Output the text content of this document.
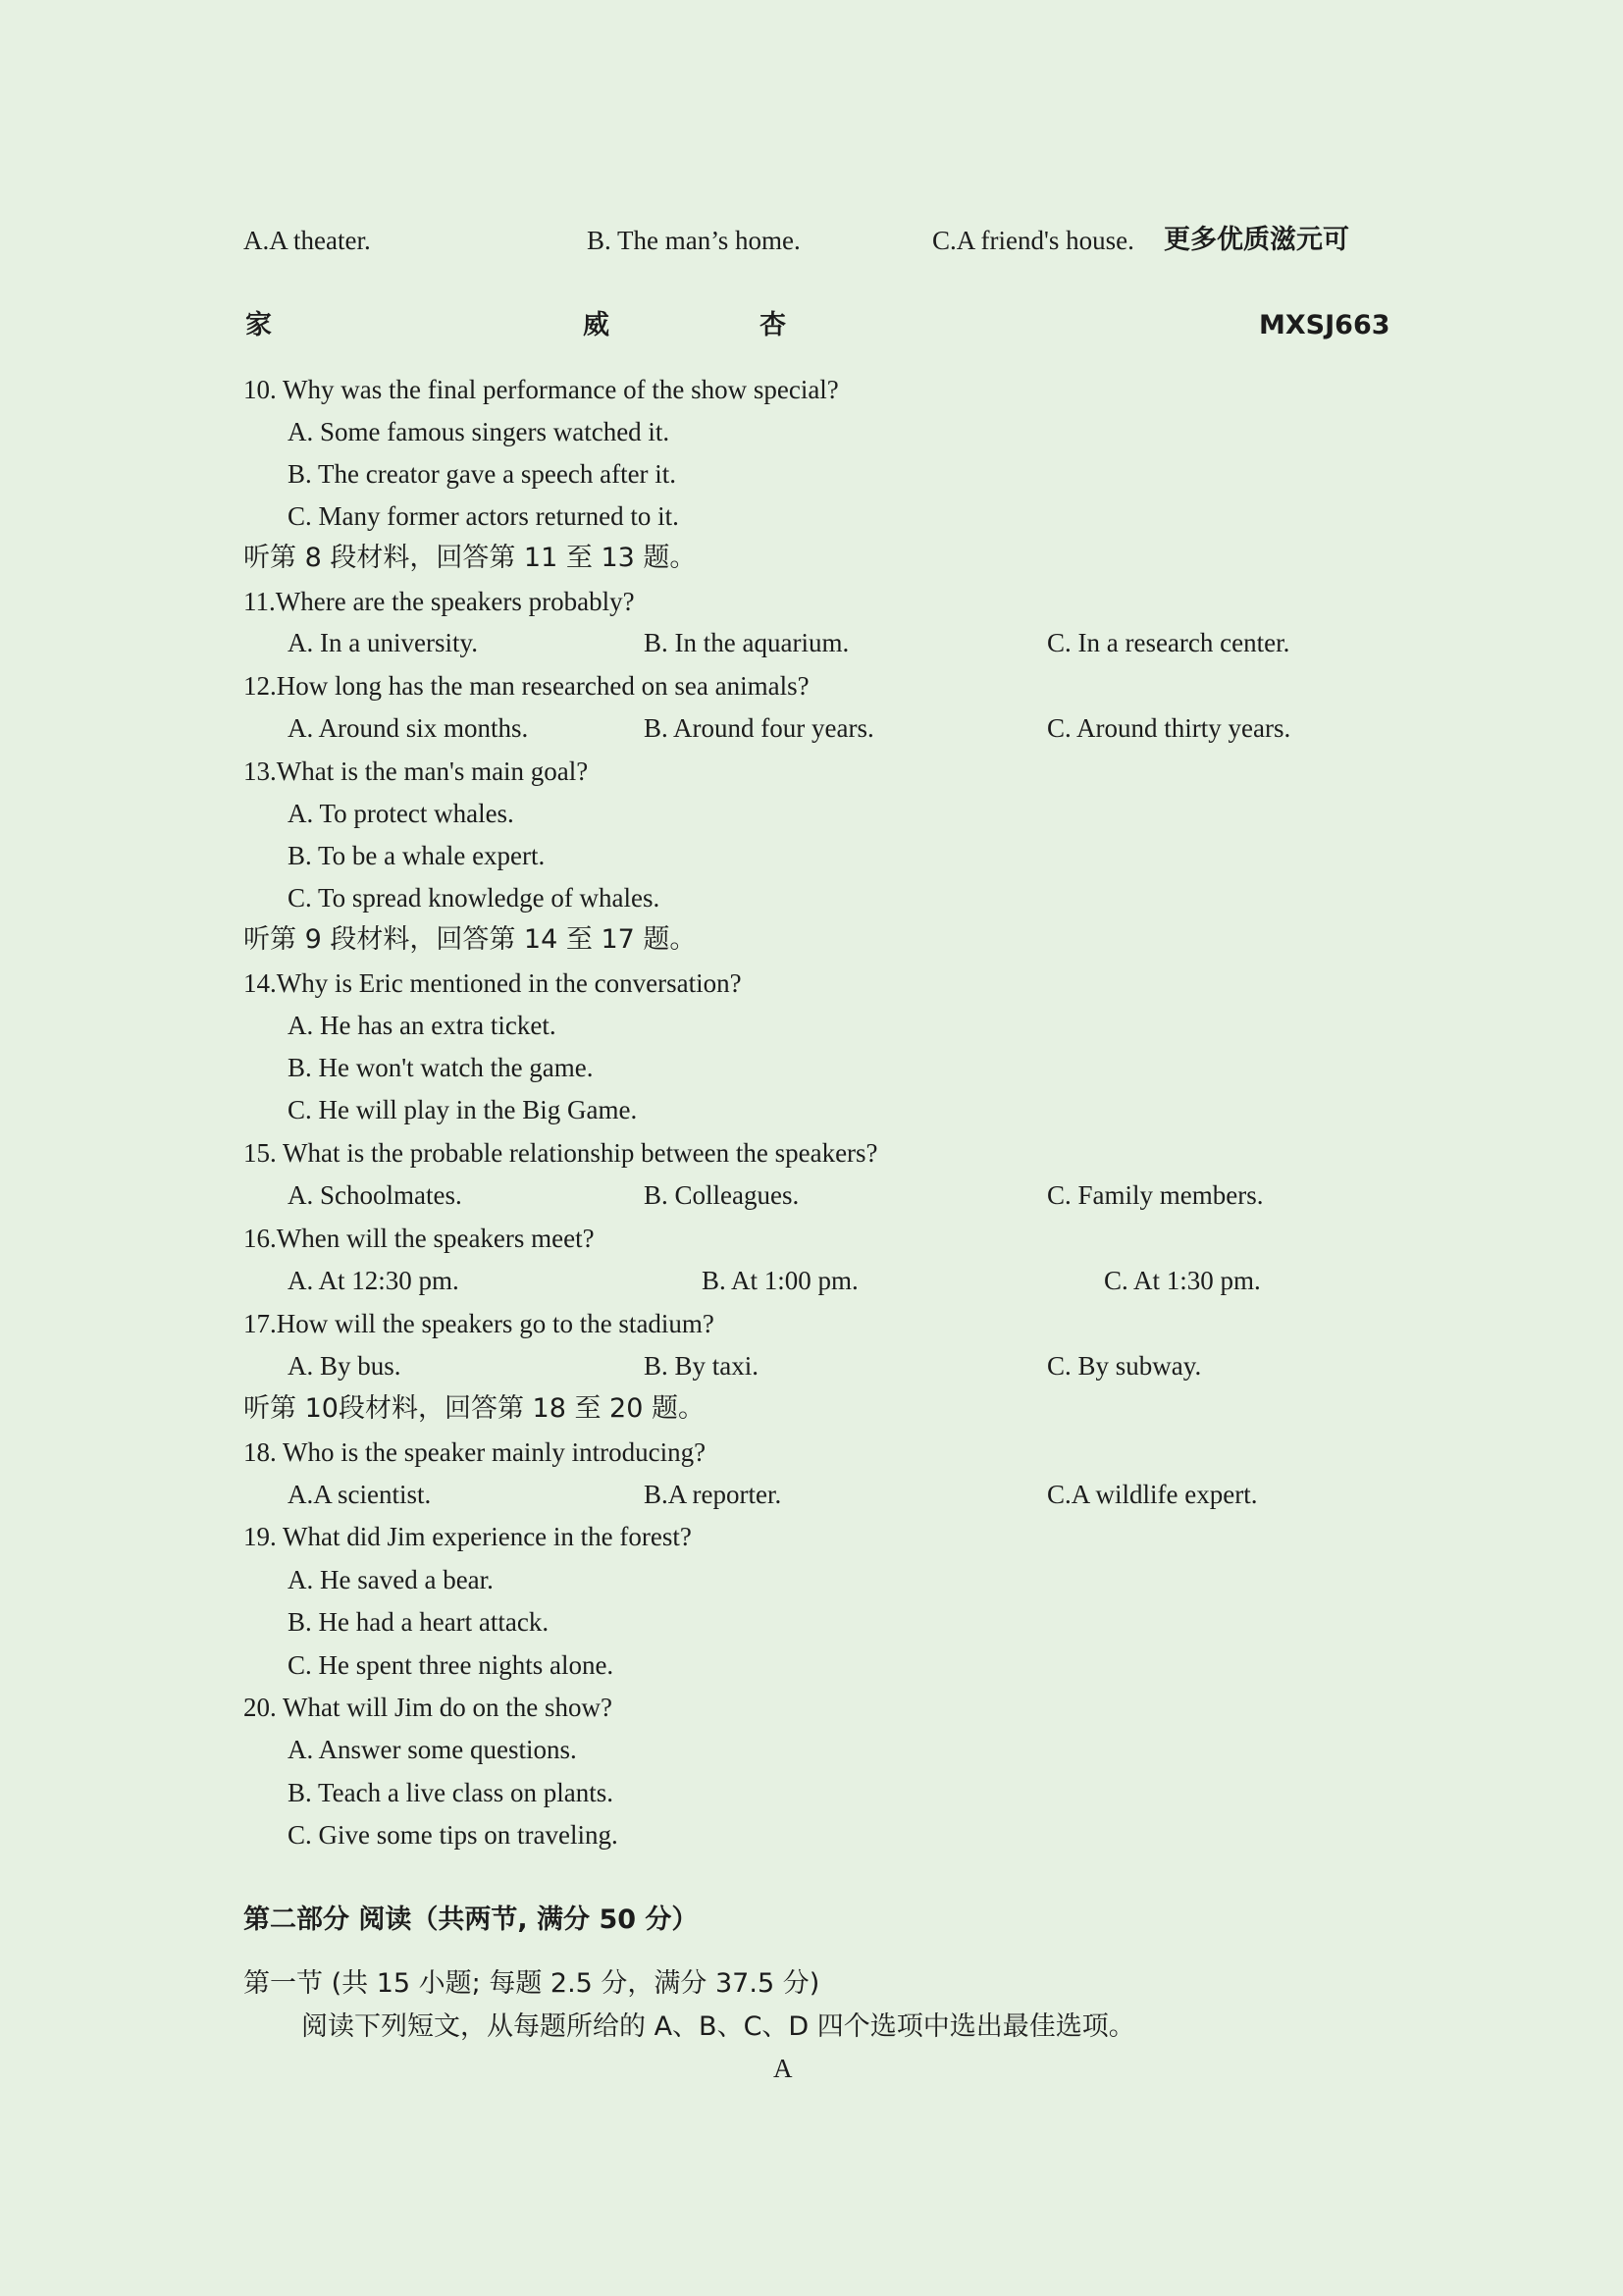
A.A theater.	B. The man’s home.	C.A friend's house. 更多优质滋元可
家	威	杏	MXSJ663
10. Why was the final performance of the show special?
A. Some famous singers watched it.
B. The creator gave a speech after it.
C. Many former actors returned to it.
听第 8 段材料，回答第 11 至 13 题。
11.Where are the speakers probably?
A. In a university.	B. In the aquarium.	C. In a research center.
12.How long has the man researched on sea animals?
A. Around six months.	B. Around four years.	C. Around thirty years.
13.What is the man's main goal?
A. To protect whales.
B. To be a whale expert.
C. To spread knowledge of whales.
听第 9 段材料，回答第 14 至 17 题。
14.Why is Eric mentioned in the conversation?
A. He has an extra ticket.
B. He won't watch the game.
C. He will play in the Big Game.
15. What is the probable relationship between the speakers?
A. Schoolmates.	B. Colleagues.	C. Family members.
16.When will the speakers meet?
A. At 12:30 pm.	B. At 1:00 pm.	C. At 1:30 pm.
17.How will the speakers go to the stadium?
A. By bus.	B. By taxi.	C. By subway.
听第 10段材料，回答第 18 至 20 题。
18. Who is the speaker mainly introducing?
A.A scientist.	B.A reporter.	C.A wildlife expert.
19. What did Jim experience in the forest?
A. He saved a bear.
B. He had a heart attack.
C. He spent three nights alone.
20. What will Jim do on the show?
A. Answer some questions.
B. Teach a live class on plants.
C. Give some tips on traveling.
第二部分 阅读（共两节, 满分 50 分）
第一节 (共 15 小题; 每题 2.5 分，满分 37.5 分)
阅读下列短文，从每题所给的 A、B、C、D 四个选项中选出最佳选项。
A
